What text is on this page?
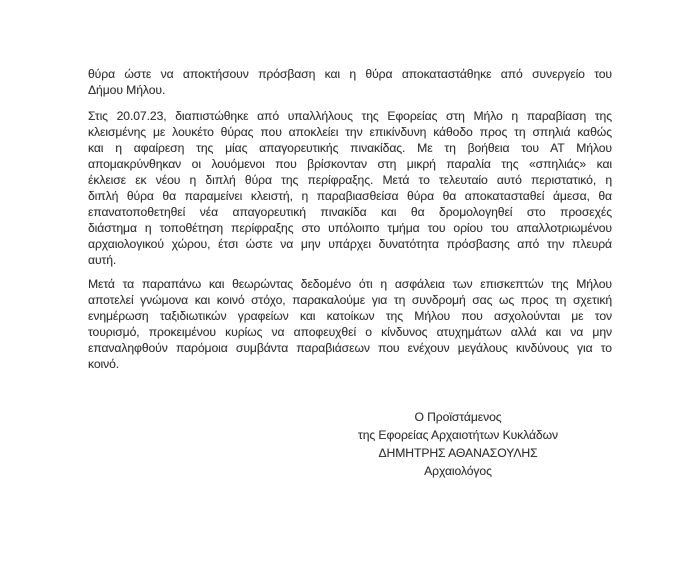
θύρα ώστε να αποκτήσουν πρόσβαση και η θύρα αποκαταστάθηκε από συνεργείο του
Δήμου Μήλου.
Στις 20.07.23, διαπιστώθηκε από υπαλλήλους της Εφορείας στη Μήλο η παραβίαση της
κλεισμένης με λουκέτο θύρας που αποκλείει την επικίνδυνη κάθοδο προς τη σπηλιά καθώς
και η αφαίρεση της μίας απαγορευτικής πινακίδας. Με τη βοήθεια του ΑΤ Μήλου
απομακρύνθηκαν οι λουόμενοι που βρίσκονταν στη μικρή παραλία της «σπηλιάς» και
έκλεισε εκ νέου η διπλή θύρα της περίφραξης. Μετά το τελευταίο αυτό περιστατικό, η
διπλή θύρα θα παραμείνει κλειστή, η παραβιασθείσα θύρα θα αποκατασταθεί άμεσα, θα
επανατοποθετηθεί νέα απαγορευτική πινακίδα και θα δρομολογηθεί στο προσεχές
διάστημα η τοποθέτηση περίφραξης στο υπόλοιπο τμήμα του ορίου του απαλλοτριωμένου
αρχαιολογικού χώρου, έτσι ώστε να μην υπάρχει δυνατότητα πρόσβασης από την πλευρά
αυτή.
Μετά τα παραπάνω και θεωρώντας δεδομένο ότι η ασφάλεια των επισκεπτών της Μήλου
αποτελεί γνώμονα και κοινό στόχο, παρακαλούμε για τη συνδρομή σας ως προς τη σχετική
ενημέρωση ταξιδιωτικών γραφείων και κατοίκων της Μήλου που ασχολούνται με τον
τουρισμό, προκειμένου κυρίως να αποφευχθεί ο κίνδυνος ατυχημάτων αλλά και να μην
επαναληφθούν παρόμοια συμβάντα παραβιάσεων που ενέχουν μεγάλους κινδύνους για το
κοινό.
Ο Προϊστάμενος
της Εφορείας Αρχαιοτήτων Κυκλάδων
ΔΗΜΗΤΡΗΣ ΑΘΑΝΑΣΟΥΛΗΣ
Αρχαιολόγος
